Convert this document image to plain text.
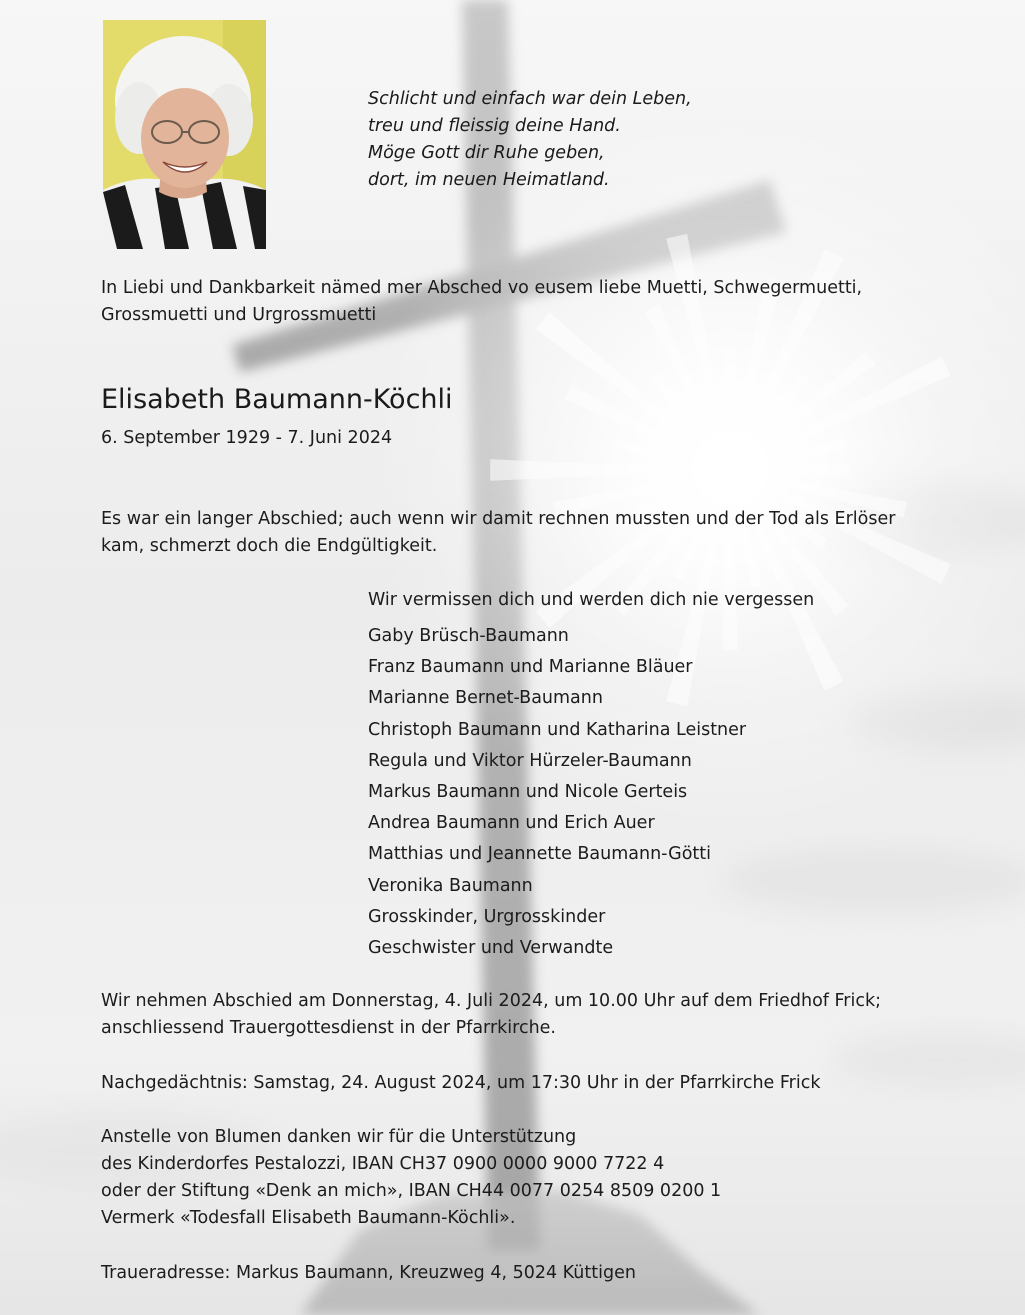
Schlicht und einfach war dein Leben,
treu und fleissig deine Hand.
Möge Gott dir Ruhe geben,
dort, im neuen Heimatland.
In Liebi und Dankbarkeit nämed mer Absched vo eusem liebe Muetti, Schwegermuetti,
Grossmuetti und Urgrossmuetti
Elisabeth Baumann-Köchli
6. September 1929 - 7. Juni 2024
Es war ein langer Abschied; auch wenn wir damit rechnen mussten und der Tod als Erlöser
kam, schmerzt doch die Endgültigkeit.
Wir vermissen dich und werden dich nie vergessen
Gaby Brüsch-Baumann
Franz Baumann und Marianne Bläuer
Marianne Bernet-Baumann
Christoph Baumann und Katharina Leistner
Regula und Viktor Hürzeler-Baumann
Markus Baumann und Nicole Gerteis
Andrea Baumann und Erich Auer
Matthias und Jeannette Baumann-Götti
Veronika Baumann
Grosskinder, Urgrosskinder
Geschwister und Verwandte
Wir nehmen Abschied am Donnerstag, 4. Juli 2024, um 10.00 Uhr auf dem Friedhof Frick;
anschliessend Trauergottesdienst in der Pfarrkirche.
Nachgedächtnis: Samstag, 24. August 2024, um 17:30 Uhr in der Pfarrkirche Frick
Anstelle von Blumen danken wir für die Unterstützung
des Kinderdorfes Pestalozzi, IBAN CH37 0900 0000 9000 7722 4
oder der Stiftung «Denk an mich», IBAN CH44 0077 0254 8509 0200 1
Vermerk «Todesfall Elisabeth Baumann-Köchli».
Traueradresse: Markus Baumann, Kreuzweg 4, 5024 Küttigen
